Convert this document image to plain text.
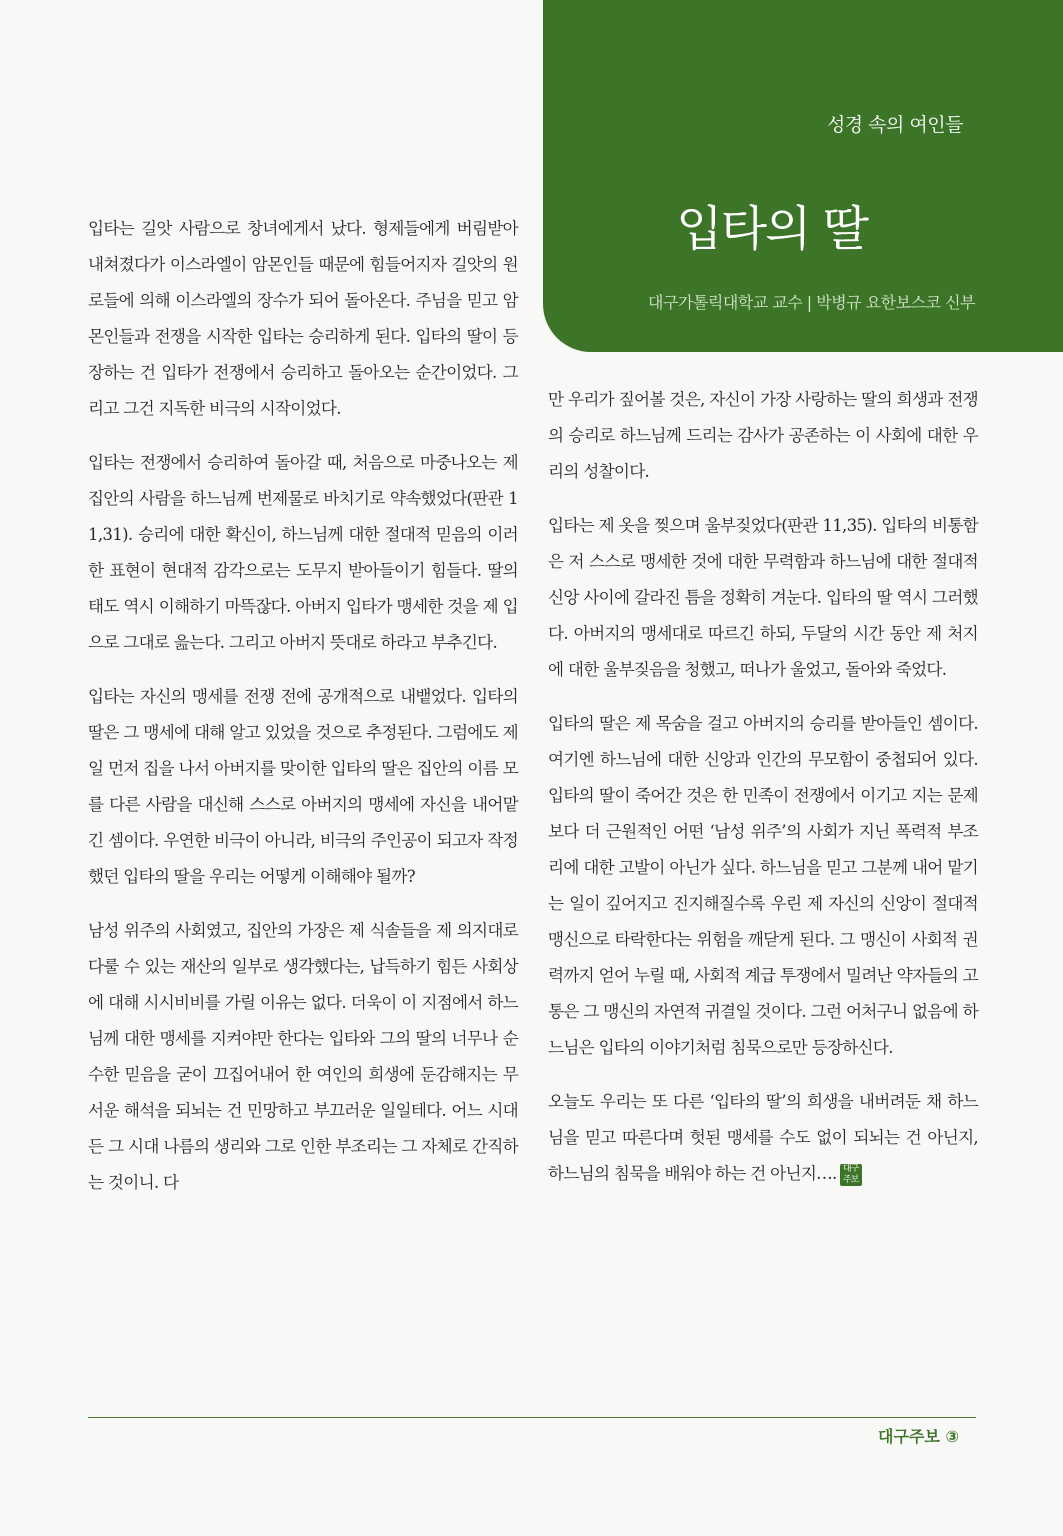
성경 속의 여인들
입타의 딸
대구가톨릭대학교 교수 | 박병규 요한보스코 신부

입타는 길앗 사람으로 창녀에게서 났다. 형제들에게 버림받아 내쳐졌다가 이스라엘이 암몬인들 때문에 힘들어지자 길앗의 원로들에 의해 이스라엘의 장수가 되어 돌아온다. 주님을 믿고 암몬인들과 전쟁을 시작한 입타는 승리하게 된다. 입타의 딸이 등장하는 건 입타가 전쟁에서 승리하고 돌아오는 순간이었다. 그리고 그건 지독한 비극의 시작이었다.

입타는 전쟁에서 승리하여 돌아갈 때, 처음으로 마중나오는 제 집안의 사람을 하느님께 번제물로 바치기로 약속했었다(판관 11,31). 승리에 대한 확신이, 하느님께 대한 절대적 믿음의 이러한 표현이 현대적 감각으로는 도무지 받아들이기 힘들다. 딸의 태도 역시 이해하기 마뜩잖다. 아버지 입타가 맹세한 것을 제 입으로 그대로 읊는다. 그리고 아버지 뜻대로 하라고 부추긴다.

입타는 자신의 맹세를 전쟁 전에 공개적으로 내뱉었다. 입타의 딸은 그 맹세에 대해 알고 있었을 것으로 추정된다. 그럼에도 제일 먼저 집을 나서 아버지를 맞이한 입타의 딸은 집안의 이름 모를 다른 사람을 대신해 스스로 아버지의 맹세에 자신을 내어맡긴 셈이다. 우연한 비극이 아니라, 비극의 주인공이 되고자 작정했던 입타의 딸을 우리는 어떻게 이해해야 될까?

남성 위주의 사회였고, 집안의 가장은 제 식솔들을 제 의지대로 다룰 수 있는 재산의 일부로 생각했다는, 납득하기 힘든 사회상에 대해 시시비비를 가릴 이유는 없다. 더욱이 이 지점에서 하느님께 대한 맹세를 지켜야만 한다는 입타와 그의 딸의 너무나 순수한 믿음을 굳이 끄집어내어 한 여인의 희생에 둔감해지는 무서운 해석을 되뇌는 건 민망하고 부끄러운 일일테다. 어느 시대든 그 시대 나름의 생리와 그로 인한 부조리는 그 자체로 간직하는 것이니. 다

만 우리가 짚어볼 것은, 자신이 가장 사랑하는 딸의 희생과 전쟁의 승리로 하느님께 드리는 감사가 공존하는 이 사회에 대한 우리의 성찰이다.

입타는 제 옷을 찢으며 울부짖었다(판관 11,35). 입타의 비통함은 저 스스로 맹세한 것에 대한 무력함과 하느님에 대한 절대적 신앙 사이에 갈라진 틈을 정확히 겨눈다. 입타의 딸 역시 그러했다. 아버지의 맹세대로 따르긴 하되, 두달의 시간 동안 제 처지에 대한 울부짖음을 청했고, 떠나가 울었고, 돌아와 죽었다.

입타의 딸은 제 목숨을 걸고 아버지의 승리를 받아들인 셈이다. 여기엔 하느님에 대한 신앙과 인간의 무모함이 중첩되어 있다. 입타의 딸이 죽어간 것은 한 민족이 전쟁에서 이기고 지는 문제보다 더 근원적인 어떤 ‘남성 위주’의 사회가 지닌 폭력적 부조리에 대한 고발이 아닌가 싶다. 하느님을 믿고 그분께 내어 맡기는 일이 깊어지고 진지해질수록 우린 제 자신의 신앙이 절대적 맹신으로 타락한다는 위험을 깨닫게 된다. 그 맹신이 사회적 권력까지 얻어 누릴 때, 사회적 계급 투쟁에서 밀려난 약자들의 고통은 그 맹신의 자연적 귀결일 것이다. 그런 어처구니 없음에 하느님은 입타의 이야기처럼 침묵으로만 등장하신다.

오늘도 우리는 또 다른 ‘입타의 딸’의 희생을 내버려둔 채 하느님을 믿고 따른다며 헛된 맹세를 수도 없이 되뇌는 건 아닌지, 하느님의 침묵을 배워야 하는 건 아닌지…. 대구
주보

대구주보 ③
